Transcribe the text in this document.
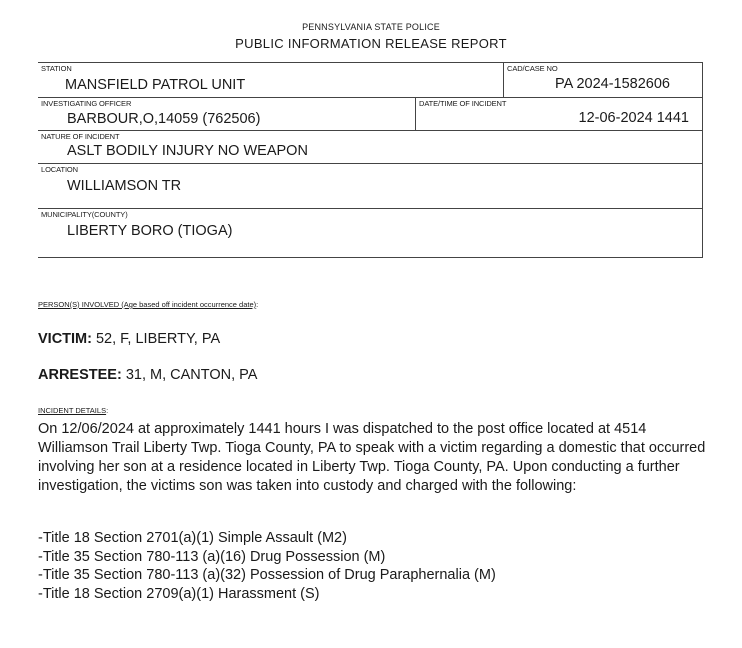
PENNSYLVANIA STATE POLICE
PUBLIC INFORMATION RELEASE REPORT
STATION
MANSFIELD PATROL UNIT
CAD/CASE NO
PA 2024-1582606
INVESTIGATING OFFICER
BARBOUR,O,14059 (762506)
DATE/TIME OF INCIDENT
12-06-2024 1441
NATURE OF INCIDENT
ASLT BODILY INJURY NO WEAPON
LOCATION
WILLIAMSON TR
MUNICIPALITY(COUNTY)
LIBERTY BORO (TIOGA)
PERSON(S) INVOLVED (Age based off incident occurrence date):
VICTIM: 52, F, LIBERTY, PA
ARRESTEE: 31, M, CANTON, PA
INCIDENT DETAILS:

On 12/06/2024 at approximately 1441 hours I was dispatched to the post office located at 4514 Williamson Trail Liberty Twp. Tioga County, PA to speak with a victim regarding a domestic that occurred involving her son at a residence located in Liberty Twp. Tioga County, PA. Upon conducting a further investigation, the victims son was taken into custody and charged with the following:

-Title 18 Section 2701(a)(1) Simple Assault (M2)
-Title 35 Section 780-113 (a)(16) Drug Possession (M)
-Title 35 Section 780-113 (a)(32) Possession of Drug Paraphernalia (M)
-Title 18 Section 2709(a)(1) Harassment (S)
